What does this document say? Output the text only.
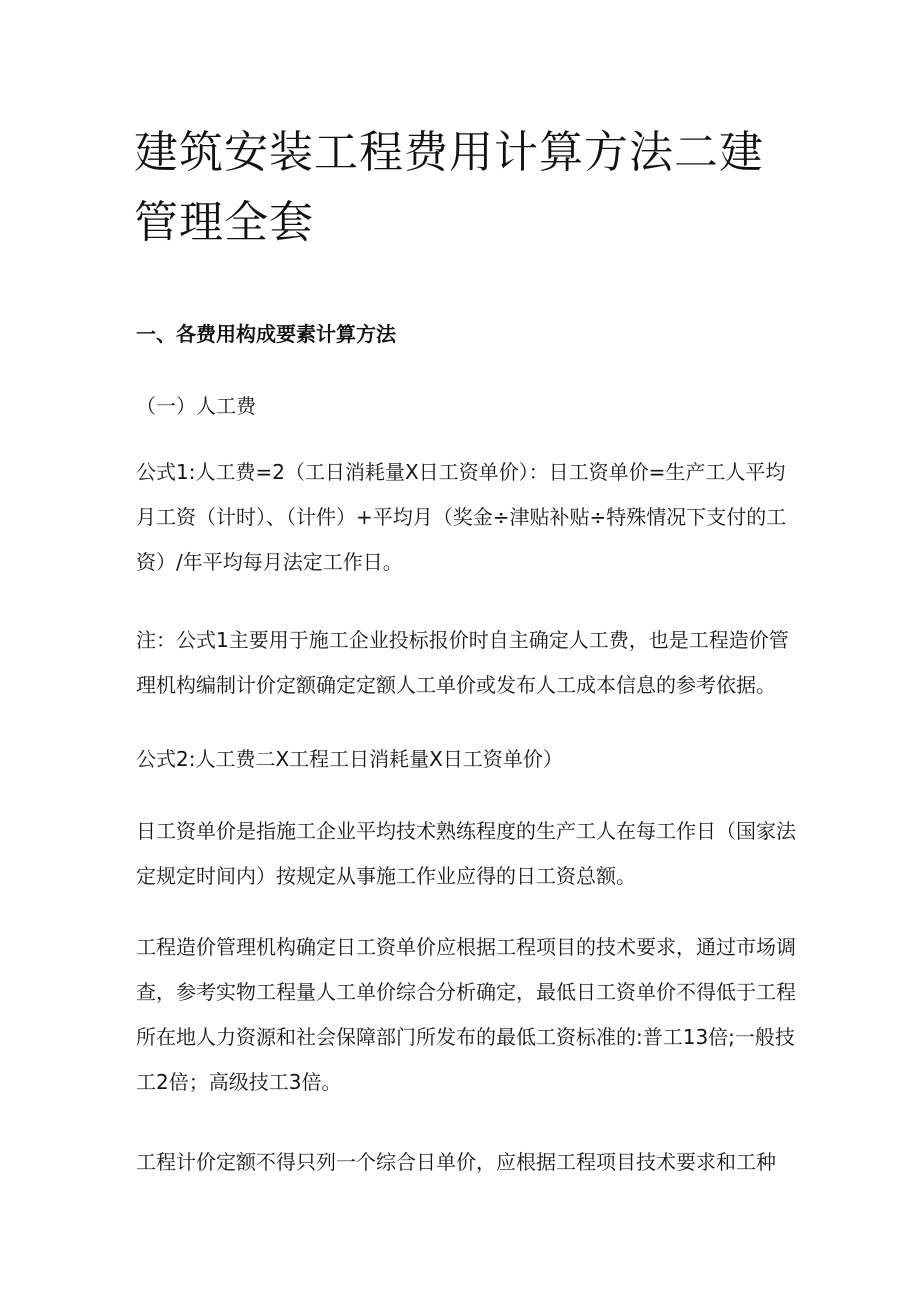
建筑安装工程费用计算方法二建管理全套
一、各费用构成要素计算方法

（一）人工费

公式1:人工费=2（工日消耗量X日工资单价）：日工资单价=生产工人平均月工资（计时）、（计件）+平均月（奖金÷津贴补贴÷特殊情况下支付的工资）/年平均每月法定工作日。

注：公式1主要用于施工企业投标报价时自主确定人工费，也是工程造价管理机构编制计价定额确定定额人工单价或发布人工成本信息的参考依据。

公式2:人工费二X工程工日消耗量X日工资单价）

日工资单价是指施工企业平均技术熟练程度的生产工人在每工作日（国家法定规定时间内）按规定从事施工作业应得的日工资总额。

工程造价管理机构确定日工资单价应根据工程项目的技术要求，通过市场调查，参考实物工程量人工单价综合分析确定，最低日工资单价不得低于工程所在地人力资源和社会保障部门所发布的最低工资标准的:普工13倍;一般技工2倍；高级技工3倍。

工程计价定额不得只列一个综合日单价，应根据工程项目技术要求和工种
